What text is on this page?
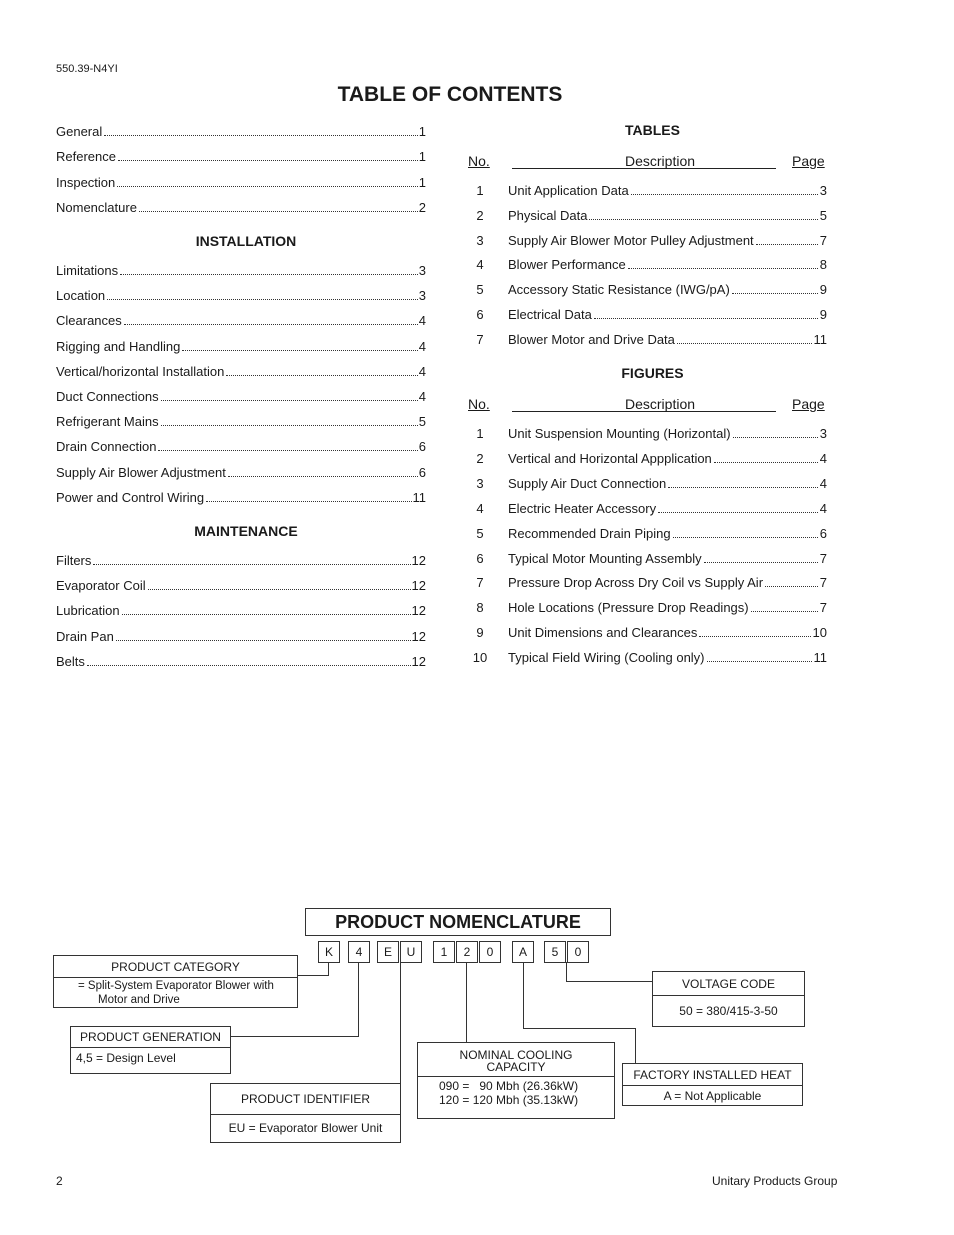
550.39-N4YI
TABLE OF CONTENTS
General	1
Reference	1
Inspection	1
Nomenclature	2
Limitations	3
Location	3
Clearances	4
Rigging and Handling	4
Vertical/horizontal Installation	4
Duct Connections	4
Refrigerant Mains	5
Drain Connection	6
Supply Air Blower Adjustment	6
Power and Control Wiring	11
Filters	12
Evaporator Coil	12
Lubrication	12
Drain Pan	12
Belts	12
INSTALLATION
MAINTENANCE
TABLES
No.	Description	Page
1	Unit Application Data	3
2	Physical Data	5
3	Supply Air Blower Motor Pulley Adjustment	7
4	Blower Performance	8
5	Accessory Static Resistance (IWG/pA)	9
6	Electrical Data	9
7	Blower Motor and Drive Data	11
FIGURES
No.	Description	Page
1	Unit Suspension Mounting (Horizontal)	3
2	Vertical and Horizontal Appplication	4
3	Supply Air Duct Connection	4
4	Electric Heater Accessory	4
5	Recommended Drain Piping	6
6	Typical Motor Mounting Assembly	7
7	Pressure Drop Across Dry Coil vs Supply Air	7
8	Hole Locations (Pressure Drop Readings)	7
9	Unit Dimensions and Clearances	10
10	Typical Field Wiring (Cooling only)	11
PRODUCT NOMENCLATURE
K	4	E	U	1	2	0	A	5	0
PRODUCT CATEGORY
= Split-System Evaporator Blower with
Motor and Drive
PRODUCT GENERATION
4,5 = Design Level
PRODUCT IDENTIFIER
EU = Evaporator Blower Unit
NOMINAL COOLING
CAPACITY
090 =   90 Mbh (26.36kW)
120 = 120 Mbh (35.13kW)
FACTORY INSTALLED HEAT
A = Not Applicable
VOLTAGE CODE
50 = 380/415-3-50
2	Unitary Products Group
